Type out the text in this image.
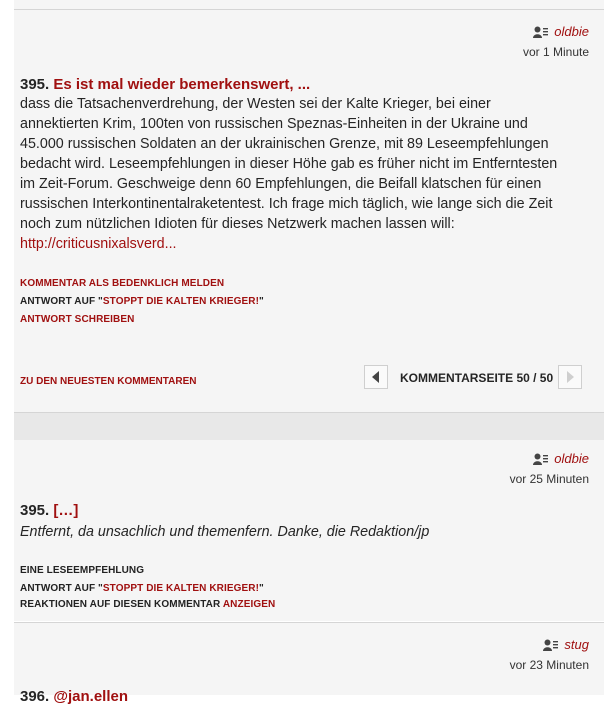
oldbie
vor 1 Minute
395. Es ist mal wieder bemerkenswert, ...
dass die Tatsachenverdrehung, der Westen sei der Kalte Krieger, bei einer annektierten Krim, 100ten von russischen Speznas-Einheiten in der Ukraine und 45.000 russischen Soldaten an der ukrainischen Grenze, mit 89 Leseempfehlungen bedacht wird. Leseempfehlungen in dieser Höhe gab es früher nicht im Entferntesten im Zeit-Forum. Geschweige denn 60 Empfehlungen, die Beifall klatschen für einen russischen Interkontinentalraketentest. Ich frage mich täglich, wie lange sich die Zeit noch zum nützlichen Idioten für dieses Netzwerk machen lassen will:
http://criticusnixalsverd...
KOMMENTAR ALS BEDENKLICH MELDEN
ANTWORT AUF "STOPPT DIE KALTEN KRIEGER!"
ANTWORT SCHREIBEN
ZU DEN NEUESTEN KOMMENTAREN	KOMMENTARSEITE 50 / 50
oldbie
vor 25 Minuten
395. […]
Entfernt, da unsachlich und themenfern. Danke, die Redaktion/jp
EINE LESEEMPFEHLUNG
ANTWORT AUF "STOPPT DIE KALTEN KRIEGER!"
REAKTIONEN AUF DIESEN KOMMENTAR ANZEIGEN
stug
vor 23 Minuten
396. @jan.ellen
